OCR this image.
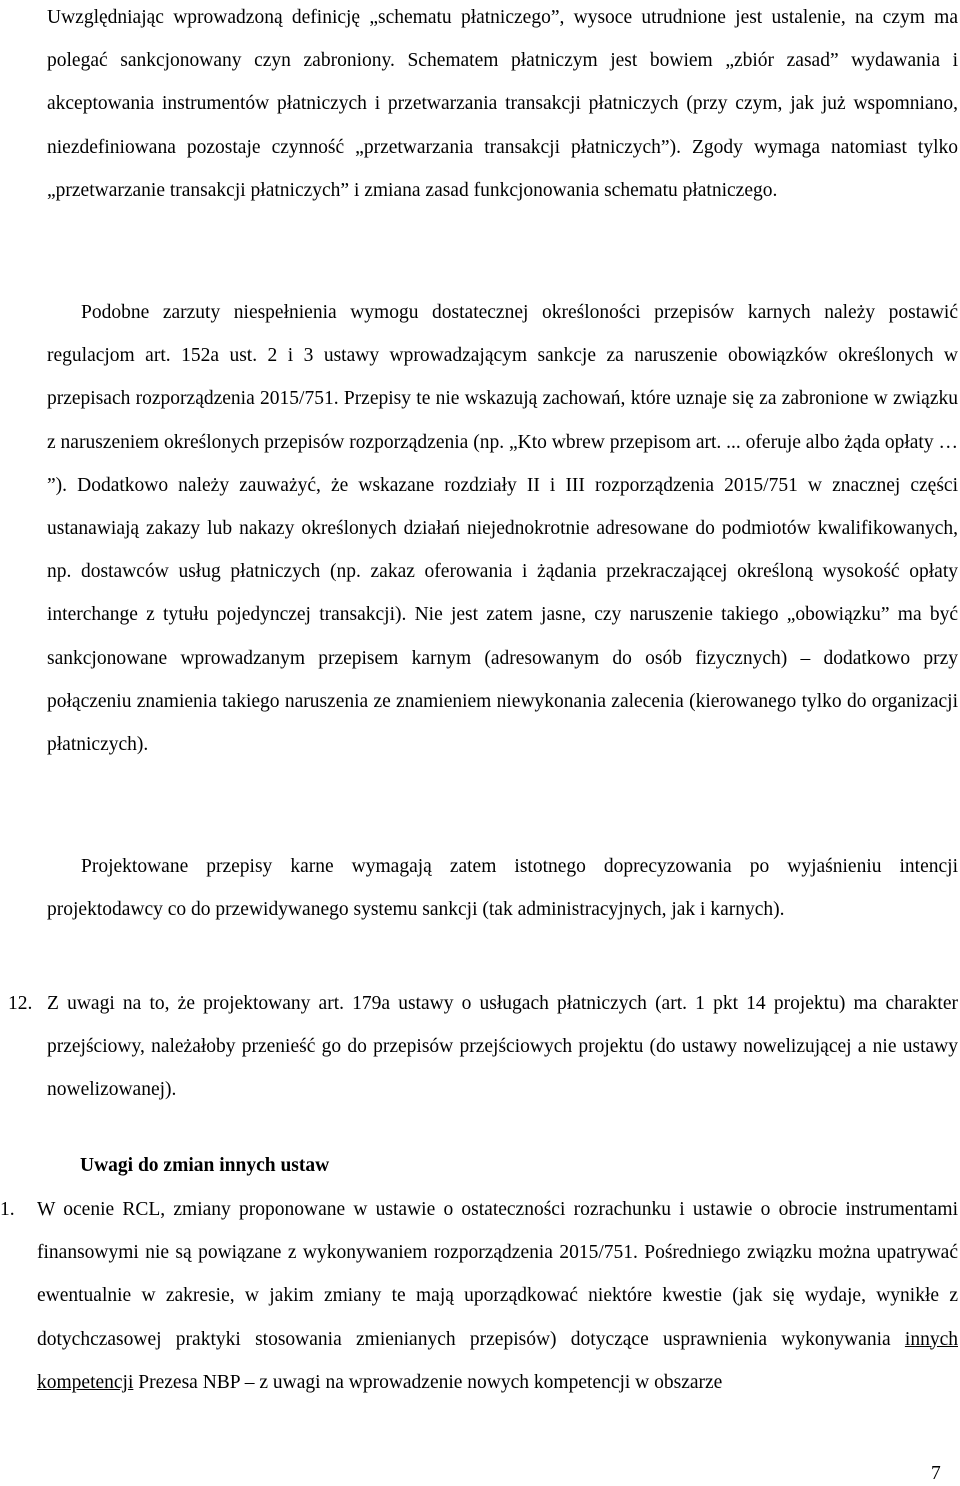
Uwzględniając wprowadzoną definicję „schematu płatniczego”, wysoce utrudnione jest ustalenie, na czym ma polegać sankcjonowany czyn zabroniony. Schematem płatniczym jest bowiem „zbiór zasad” wydawania i akceptowania instrumentów płatniczych i przetwarzania transakcji płatniczych (przy czym, jak już wspomniano, niezdefiniowana pozostaje czynność „przetwarzania transakcji płatniczych”). Zgody wymaga natomiast tylko „przetwarzanie transakcji płatniczych” i zmiana zasad funkcjonowania schematu płatniczego.

Podobne zarzuty niespełnienia wymogu dostatecznej określoności przepisów karnych należy postawić regulacjom art. 152a ust. 2 i 3 ustawy wprowadzającym sankcje za naruszenie obowiązków określonych w przepisach rozporządzenia 2015/751. Przepisy te nie wskazują zachowań, które uznaje się za zabronione w związku z naruszeniem określonych przepisów rozporządzenia (np. „Kto wbrew przepisom art. ... oferuje albo żąda opłaty … ”). Dodatkowo należy zauważyć, że wskazane rozdziały II i III rozporządzenia 2015/751 w znacznej części ustanawiają zakazy lub nakazy określonych działań niejednokrotnie adresowane do podmiotów kwalifikowanych, np. dostawców usług płatniczych (np. zakaz oferowania i żądania przekraczającej określoną wysokość opłaty interchange z tytułu pojedynczej transakcji). Nie jest zatem jasne, czy naruszenie takiego „obowiązku” ma być sankcjonowane wprowadzanym przepisem karnym (adresowanym do osób fizycznych) – dodatkowo przy połączeniu znamienia takiego naruszenia ze znamieniem niewykonania zalecenia (kierowanego tylko do organizacji płatniczych).

Projektowane przepisy karne wymagają zatem istotnego doprecyzowania po wyjaśnieniu intencji projektodawcy co do przewidywanego systemu sankcji (tak administracyjnych, jak i karnych).

12. Z uwagi na to, że projektowany art. 179a ustawy o usługach płatniczych (art. 1 pkt 14 projektu) ma charakter przejściowy, należałoby przenieść go do przepisów przejściowych projektu (do ustawy nowelizującej a nie ustawy nowelizowanej).

Uwagi do zmian innych ustaw

1. W ocenie RCL, zmiany proponowane w ustawie o ostateczności rozrachunku i ustawie o obrocie instrumentami finansowymi nie są powiązane z wykonywaniem rozporządzenia 2015/751. Pośredniego związku można upatrywać ewentualnie w zakresie, w jakim zmiany te mają uporządkować niektóre kwestie (jak się wydaje, wynikłe z dotychczasowej praktyki stosowania zmienianych przepisów) dotyczące usprawnienia wykonywania innych kompetencji Prezesa NBP – z uwagi na wprowadzenie nowych kompetencji w obszarze

7
